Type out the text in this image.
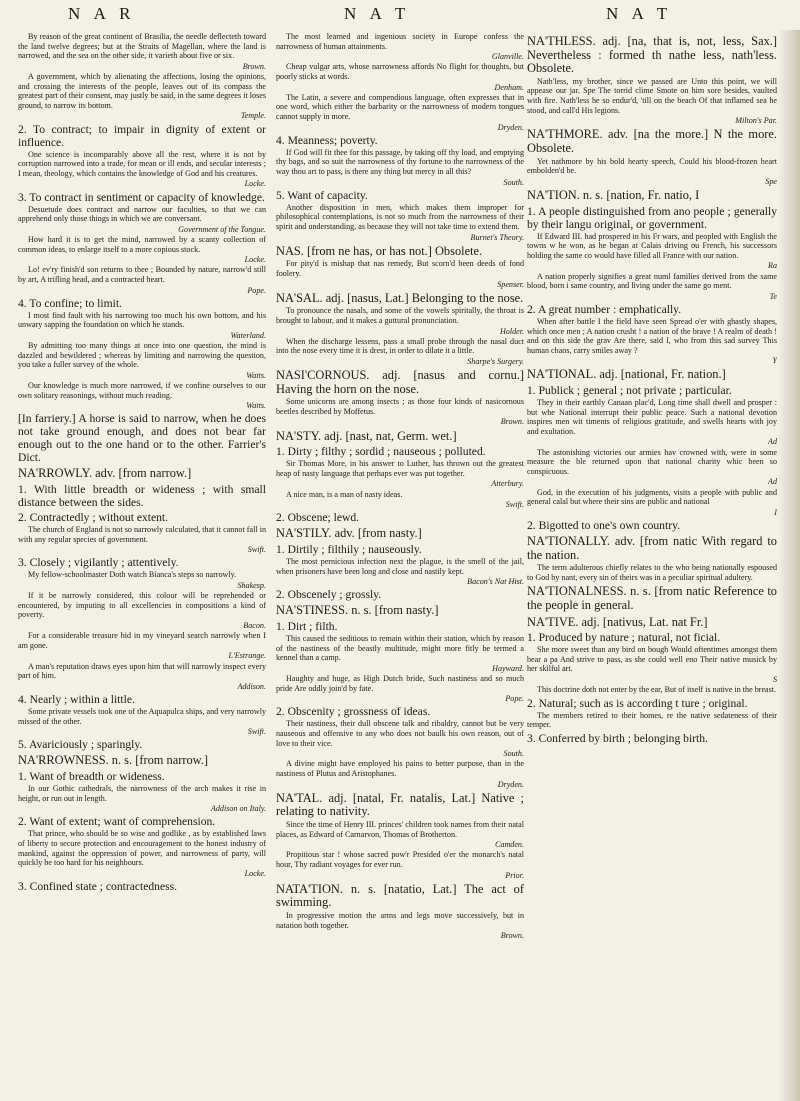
N A R	N A T	N A T

By reason of the great continent of Brasilia, the needle deflecteth toward the land twelve degrees; but at the Straits of Magellan, where the land is narrowed, and the sea on the other side, it varieth about five or six.

Brown.

A government, which by alienating the affections, losing the opinions, and crossing the interests of the people, leaves out of its compass the greatest part of their consent, may justly be said, in the same degrees it loses ground, to narrow its bottom.

Temple.

2. To contract; to impair in dignity of extent or influence.

One science is incomparably above all the rest, where it is not by corruption narrowed into a trade, for mean or ill ends, and secular interests ; I mean, theology, which contains the knowledge of God and his creatures.

Locke.

3. To contract in sentiment or capacity of knowledge.

Desuetude does contract and narrow our faculties, so that we can apprehend only those things in which we are conversant.

Government of the Tongue.

How hard it is to get the mind, narrowed by a scanty collection of common ideas, to enlarge itself to a more copious stock.

Locke.

Lo! ev'ry finish'd son returns to thee ; Bounded by nature, narrow'd still by art, A trifling head, and a contracted heart.

Pope.

4. To confine; to limit.

I most find fault with his narrowing too much his own bottom, and his unwary sapping the foundation on which he stands.

Waterland.

By admitting too many things at once into one question, the mind is dazzled and bewildered ; whereas by limiting and narrowing the question, you take a fuller survey of the whole.

Watts.

Our knowledge is much more narrowed, if we confine ourselves to our own solitary reasonings, without much reading.

Watts.

[In farriery.] A horse is said to narrow, when he does not take ground enough, and does not bear far enough out to the one hand or to the other. Farrier's Dict.

NA'RROWLY. adv. [from narrow.]

1. With little breadth or wideness ; with small distance between the sides.

2. Contractedly ; without extent.

The church of England is not so narrowly calculated, that it cannot fall in with any regular species of government.

Swift.

3. Closely ; vigilantly ; attentively.

My fellow-schoolmaster Doth watch Bianca's steps so narrowly.

Shakesp.

If it be narrowly considered, this colour will be reprehended or encountered, by imputing to all excellencies in compositions a kind of poverty.

Bacon.

For a considerable treasure hid in my vineyard search narrowly when I am gone.

L'Estrange.

A man's reputation draws eyes upon him that will narrowly inspect every part of him.

Addison.

4. Nearly ; within a little.

Some private vessels took one of the Aquapulca ships, and very narrowly missed of the other.

Swift.

5. Avariciously ; sparingly.

NA'RROWNESS. n. s. [from narrow.]

1. Want of breadth or wideness.

In our Gothic cathedrals, the narrowness of the arch makes it rise in height, or run out in length.

Addison on Italy.

2. Want of extent; want of comprehension.

That prince, who should be so wise and godlike , as by established laws of liberty to secure protection and encouragement to the honest industry of mankind, against the oppression of power, and narrowness of party, will quickly be too hard for his neighbours.

Locke.

3. Confined state ; contractedness.

The most learned and ingenious society in Europe confess the narrowness of human attainments.

Glanville.

Cheap vulgar arts, whose narrowness affords No flight for thoughts, but poorly sticks at words.

Denham.

The Latin, a severe and compendious language, often expresses that in one word, which either the barbarity or the narrowness of modern tongues cannot supply in more.

Dryden.

4. Meanness; poverty.

If God will fit thee for this passage, by taking off thy load, and emptying thy bags, and so suit the narrowness of thy fortune to the narrowness of the way thou art to pass, is there any thing but mercy in all this?

South.

5. Want of capacity.

Another disposition in men, which makes them improper for philosophical contemplations, is not so much from the narrowness of their spirit and understanding, as because they will not take time to extend them.

Burnet's Theory.

NAS. [from ne has, or has not.] Obsolete.

For pity'd is mishap that nas remedy, But scorn'd been deeds of fond foolery.

Spenser.

NA'SAL. adj. [nasus, Lat.] Belonging to the nose.

To pronounce the nasals, and some of the vowels spiritally, the throat is brought to labour, and it makes a guttural pronunciation.

Holder.

When the discharge lessens, pass a small probe through the nasal duct into the nose every time it is drest, in order to dilate it a little.

Sharpe's Surgery.

NASI'CORNOUS. adj. [nasus and cornu.] Having the horn on the nose.

Some unicorns are among insects ; as those four kinds of nasicornous beetles described by Moffetus.

Brown.

NA'STY. adj. [nast, nat, Germ. wet.]

1. Dirty ; filthy ; sordid ; nauseous ; polluted.

Sir Thomas More, in his answer to Luther, has thrown out the greatest heap of nasty language that perhaps ever was put together.

Atterbury.

A nice man, is a man of nasty ideas.

Swift.

2. Obscene; lewd.

NA'STILY. adv. [from nasty.]

1. Dirtily ; filthily ; nauseously.

The most pernicious infection next the plague, is the smell of the jail, when prisoners have been long and close and nastily kept.

Bacon's Nat Hist.

2. Obscenely ; grossly.

NA'STINESS. n. s. [from nasty.]

1. Dirt ; filth.

This caused the seditious to remain within their station, which by reason of the nastiness of the beastly multitude, might more fitly be termed a kennel than a camp.

Hayward.

Haughty and huge, as High Dutch bride, Such nastiness and so much pride Are oddly join'd by fate.

Pope.

2. Obscenity ; grossness of ideas.

Their nastiness, their dull obscene talk and ribaldry, cannot but be very nauseous and offensive to any who does not baulk his own reason, out of love to their vice.

South.

A divine might have employed his pains to better purpose, than in the nastiness of Plutus and Aristophanes.

Dryden.

NA'TAL. adj. [natal, Fr. natalis, Lat.] Native ; relating to nativity.

Since the time of Henry III. princes' children took names from their natal places, as Edward of Carnarvon, Thomas of Brotherton.

Camden.

Propitious star ! whose sacred pow'r Presided o'er the monarch's natal hour, Thy radiant voyages for ever run.

Prior.

NATA'TION. n. s. [natatio, Lat.] The act of swimming.

In progressive motion the arms and legs move successively, but in natation both together.

Brown.

NA'THLESS. adj. [na, that is, not, less, Sax.] Nevertheless : formed th nathe less, nath'less. Obsolete.

Nath'less, my brother, since we passed are Unto this point, we will appease our jar. Spe The torrid clime Smote on him sore besides, vaulted with fire. Nath'less he so endur'd, 'till on the beach Of that inflamed sea he stood, and call'd His legions.

Milton's Par.

NA'THMORE. adv. [na the more.] N the more. Obsolete.

Yet nathmore by his bold hearty speech, Could his blood-frozen heart embolden'd be.

Spe

NA'TION. n. s. [nation, Fr. natio, I

1. A people distinguished from ano people ; generally by their langu original, or government.

If Edward III. had prospered in his Fr wars, and peopled with English the towns w he won, as he began at Calais driving ou French, his successors holding the same co would have filled all France with our nation.

Ra

A nation properly signifies a great numl families derived from the same blood, born i same country, and living under the same go ment.

Te

2. A great number : emphatically.

When after battle I the field have seen Spread o'er with ghastly shapes, which once men ; A nation crusht ! a nation of the brave ! A realm of death ! and on this side the grav Are there, said I, who from this sad survey This human chaos, carry smiles away ?

Y

NA'TIONAL. adj. [national, Fr. nation.]

1. Publick ; general ; not private ; particular.

They in their earthly Canaan plac'd, Long time shall dwell and prosper : but whe National interrupt their public peace. Such a national devotion inspires men wit timents of religious gratitude, and swells hearts with joy and exultation.

Ad

The astonishing victories our armies hav crowned with, were in some measure the ble returned upon that national charity whic been so conspicuous.

Ad

God, in the execution of his judgments, visits a people with public and general calal but where their sins are public and national

I

2. Bigotted to one's own country.

NA'TIONALLY. adv. [from natic With regard to the nation.

The term adulterous chiefly relates to the who being nationally espoused to God by nant, every sin of theirs was in a peculiar spiritual adultery.

NA'TIONALNESS. n. s. [from natic Reference to the people in general.

NA'TIVE. adj. [nativus, Lat. nat Fr.]

1. Produced by nature ; natural, not ficial.

She more sweet than any bird on bough Would oftentimes amongst them bear a pa And strive to pass, as she could well eno Their native musick by her skilful art.

S

This doctrine doth not enter by the ear, But of itself is native in the breast.

2. Natural; such as is according t ture ; original.

The members retired to their homes, re the native sedateness of their temper.

3. Conferred by birth ; belonging birth.
